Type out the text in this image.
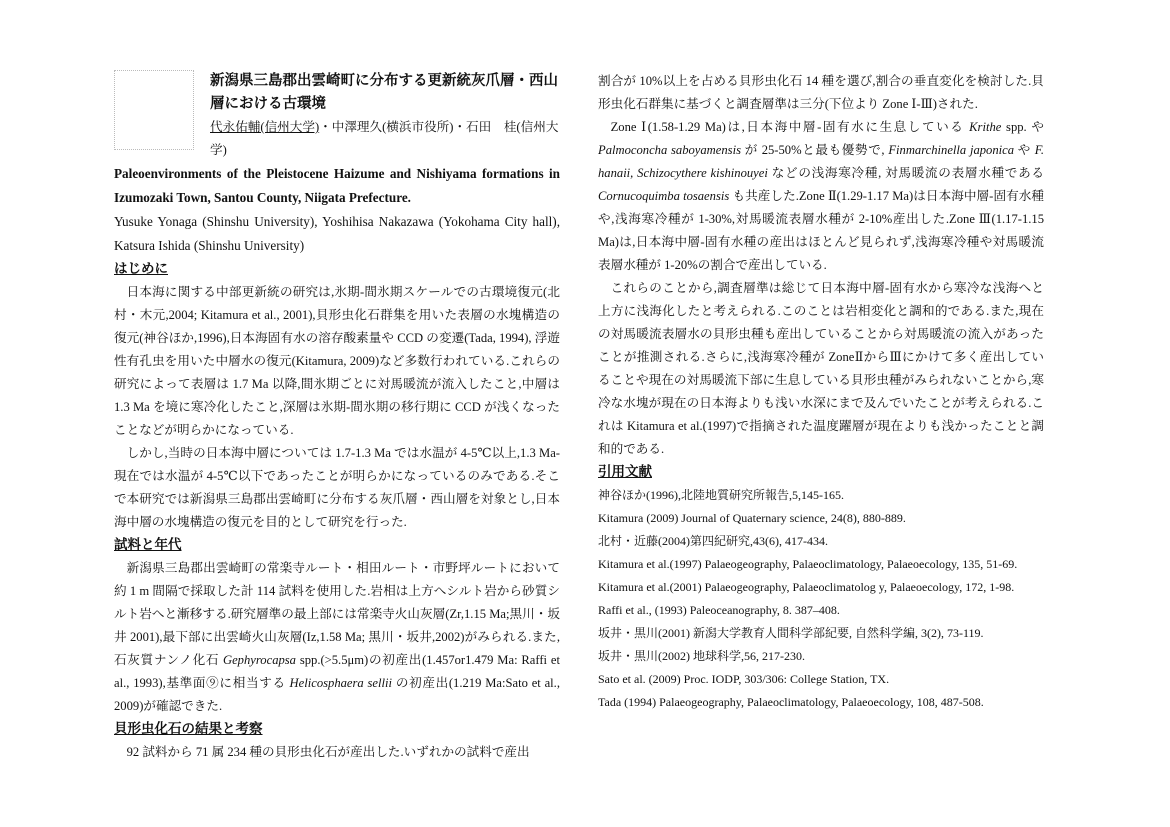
新潟県三島郡出雲崎町に分布する更新統灰爪層・西山層における古環境
代永佑輔(信州大学)・中澤理久(横浜市役所)・石田　桂(信州大学)
Paleoenvironments of the Pleistocene Haizume and Nishiyama formations in Izumozaki Town, Santou County, Niigata Prefecture.
Yusuke Yonaga (Shinshu University), Yoshihisa Nakazawa (Yokohama City hall), Katsura Ishida (Shinshu University)
はじめに

日本海に関する中部更新統の研究は,氷期‐間氷期スケールでの古環境復元(北村・木元,2004; Kitamura et al., 2001),貝形虫化石群集を用いた表層の水塊構造の復元(神谷ほか,1996),日本海固有水の溶存酸素量や CCD の変遷(Tada, 1994), 浮遊性有孔虫を用いた中層水の復元(Kitamura, 2009)など多数行われている.これらの研究によって表層は 1.7 Ma 以降,間氷期ごとに対馬暖流が流入したこと,中層は 1.3 Ma を境に寒冷化したこと,深層は氷期‐間氷期の移行期に CCD が浅くなったことなどが明らかになっている.

しかし,当時の日本海中層については 1.7-1.3 Ma では水温が 4-5℃以上,1.3 Ma-現在では水温が 4-5℃以下であったことが明らかになっているのみである.そこで本研究では新潟県三島郡出雲崎町に分布する灰爪層・西山層を対象とし,日本海中層の水塊構造の復元を目的として研究を行った.

試料と年代

新潟県三島郡出雲崎町の常楽寺ルート・相田ルート・市野坪ルートにおいて約 1 m 間隔で採取した計 114 試料を使用した.岩相は上方へシルト岩から砂質シルト岩へと漸移する.研究層準の最上部には常楽寺火山灰層(Zr,1.15 Ma;黒川・坂井 2001),最下部に出雲崎火山灰層(Iz,1.58 Ma; 黒川・坂井,2002)がみられる.また,石灰質ナンノ化石 Gephyrocapsa spp.(>5.5μm)の初産出(1.457or1.479 Ma: Raffi et al., 1993),基準面⑨に相当する Helicosphaera sellii の初産出(1.219 Ma:Sato et al., 2009)が確認できた.

貝形虫化石の結果と考察

92 試料から 71 属 234 種の貝形虫化石が産出した.いずれかの試料で産出

割合が 10%以上を占める貝形虫化石 14 種を選び,割合の垂直変化を検討した.貝形虫化石群集に基づくと調査層準は三分(下位より Zone Ⅰ-Ⅲ)された.

Zone Ⅰ(1.58-1.29 Ma)は,日本海中層‐固有水に生息している Krithe spp. や Palmoconcha saboyamensis が 25-50%と最も優勢で, Finmarchinella japonica や F. hanaii, Schizocythere kishinouyei などの浅海寒冷種, 対馬暖流の表層水種である Cornucoquimba tosaensis も共産した.Zone Ⅱ(1.29-1.17 Ma)は日本海中層‐固有水種や,浅海寒冷種が 1-30%,対馬暖流表層水種が 2-10%産出した.Zone Ⅲ(1.17-1.15 Ma)は,日本海中層‐固有水種の産出はほとんど見られず,浅海寒冷種や対馬暖流表層水種が 1-20%の割合で産出している.

これらのことから,調査層準は総じて日本海中層‐固有水から寒冷な浅海へと上方に浅海化したと考えられる.このことは岩相変化と調和的である.また,現在の対馬暖流表層水の貝形虫種も産出していることから対馬暖流の流入があったことが推測される.さらに,浅海寒冷種が ZoneⅡからⅢにかけて多く産出していることや現在の対馬暖流下部に生息している貝形虫種がみられないことから,寒冷な水塊が現在の日本海よりも浅い水深にまで及んでいたことが考えられる.これは Kitamura et al.(1997)で指摘された温度躍層が現在よりも浅かったことと調和的である.

引用文献
神谷ほか(1996),北陸地質研究所報告,5,145-165.
Kitamura (2009) Journal of Quaternary science, 24(8), 880-889.
北村・近藤(2004)第四紀研究,43(6), 417-434.
Kitamura et al.(1997) Palaeogeography, Palaeoclimatology, Palaeoecology, 135, 51-69.
Kitamura et al.(2001) Palaeogeography, Palaeoclimatolog y, Palaeoecology, 172, 1-98.
Raffi et al., (1993) Paleoceanography, 8. 387–408.
坂井・黒川(2001) 新潟大学教育人間科学部紀要, 自然科学編, 3(2), 73-119.
坂井・黒川(2002) 地球科学,56, 217-230.
Sato et al. (2009) Proc. IODP, 303/306: College Station, TX.
Tada (1994) Palaeogeography, Palaeoclimatology, Palaeoecology, 108, 487-508.
